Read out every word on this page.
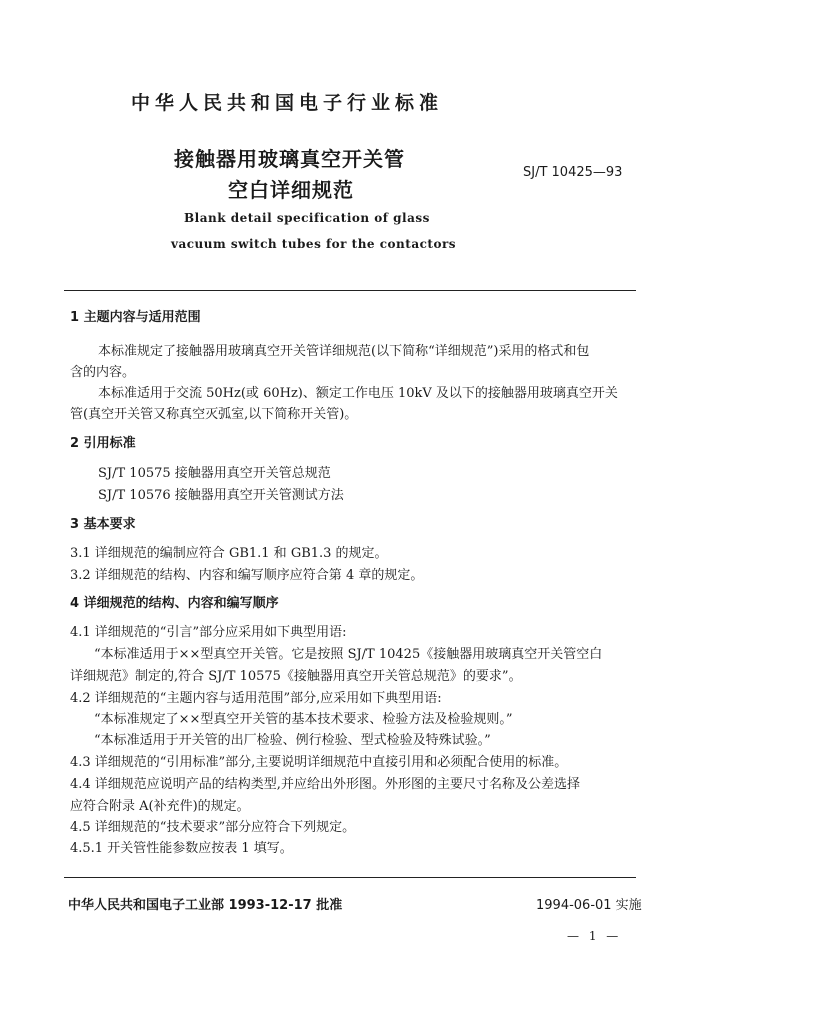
中华人民共和国电子行业标准
接触器用玻璃真空开关管
空白详细规范
SJ/T 10425—93
Blank detail specification of glass
vacuum switch tubes for the contactors
1 主题内容与适用范围
本标准规定了接触器用玻璃真空开关管详细规范(以下简称“详细规范”)采用的格式和包
含的内容。
本标准适用于交流 50Hz(或 60Hz)、额定工作电压 10kV 及以下的接触器用玻璃真空开关
管(真空开关管又称真空灭弧室,以下简称开关管)。
2 引用标准
SJ/T 10575 接触器用真空开关管总规范
SJ/T 10576 接触器用真空开关管测试方法
3 基本要求
3.1 详细规范的编制应符合 GB1.1 和 GB1.3 的规定。
3.2 详细规范的结构、内容和编写顺序应符合第 4 章的规定。
4 详细规范的结构、内容和编写顺序
4.1 详细规范的“引言”部分应采用如下典型用语:
“本标准适用于××型真空开关管。它是按照 SJ/T 10425《接触器用玻璃真空开关管空白
详细规范》制定的,符合 SJ/T 10575《接触器用真空开关管总规范》的要求”。
4.2 详细规范的“主题内容与适用范围”部分,应采用如下典型用语:
“本标准规定了××型真空开关管的基本技术要求、检验方法及检验规则。”
“本标准适用于开关管的出厂检验、例行检验、型式检验及特殊试验。”
4.3 详细规范的“引用标准”部分,主要说明详细规范中直接引用和必须配合使用的标准。
4.4 详细规范应说明产品的结构类型,并应给出外形图。外形图的主要尺寸名称及公差选择
应符合附录 A(补充件)的规定。
4.5 详细规范的“技术要求”部分应符合下列规定。
4.5.1 开关管性能参数应按表 1 填写。
中华人民共和国电子工业部 1993-12-17 批准	1994-06-01 实施
— 1 —
